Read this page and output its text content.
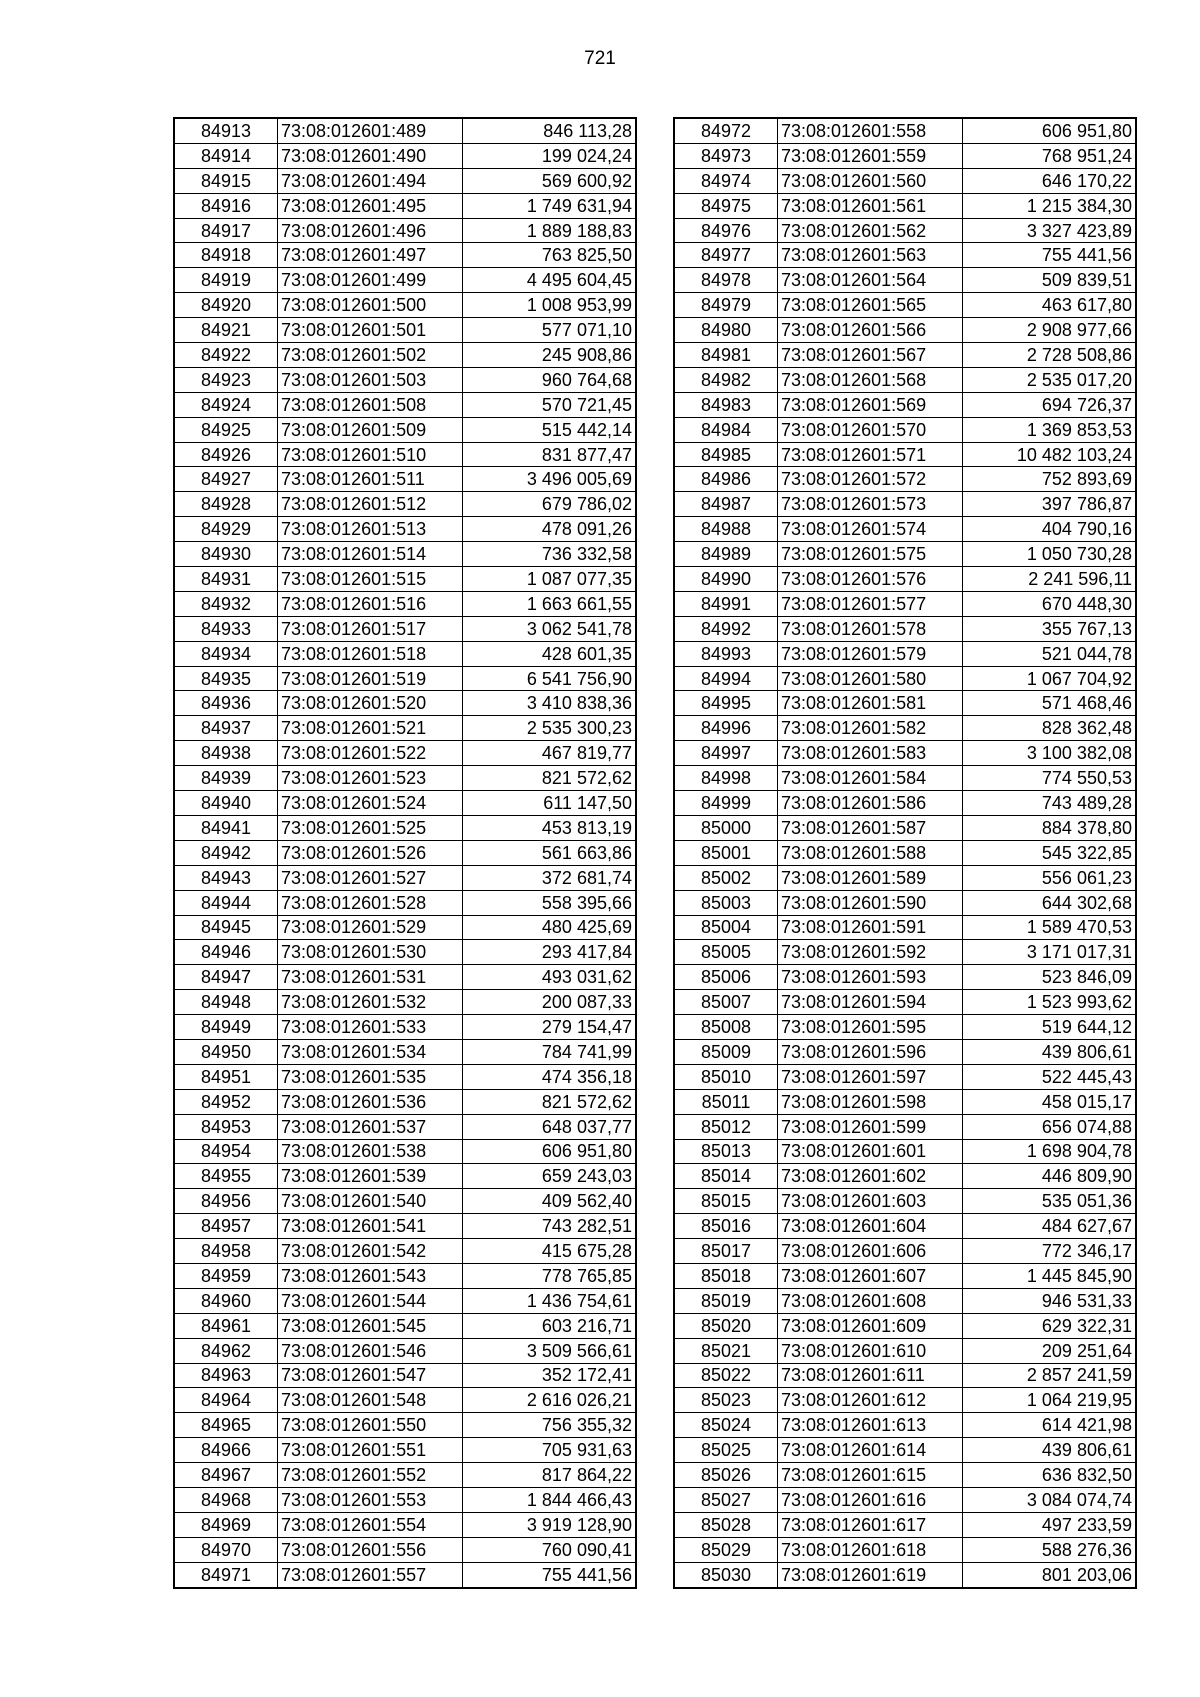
721
84913	73:08:012601:489	846 113,28
84914	73:08:012601:490	199 024,24
84915	73:08:012601:494	569 600,92
84916	73:08:012601:495	1 749 631,94
84917	73:08:012601:496	1 889 188,83
84918	73:08:012601:497	763 825,50
84919	73:08:012601:499	4 495 604,45
84920	73:08:012601:500	1 008 953,99
84921	73:08:012601:501	577 071,10
84922	73:08:012601:502	245 908,86
84923	73:08:012601:503	960 764,68
84924	73:08:012601:508	570 721,45
84925	73:08:012601:509	515 442,14
84926	73:08:012601:510	831 877,47
84927	73:08:012601:511	3 496 005,69
84928	73:08:012601:512	679 786,02
84929	73:08:012601:513	478 091,26
84930	73:08:012601:514	736 332,58
84931	73:08:012601:515	1 087 077,35
84932	73:08:012601:516	1 663 661,55
84933	73:08:012601:517	3 062 541,78
84934	73:08:012601:518	428 601,35
84935	73:08:012601:519	6 541 756,90
84936	73:08:012601:520	3 410 838,36
84937	73:08:012601:521	2 535 300,23
84938	73:08:012601:522	467 819,77
84939	73:08:012601:523	821 572,62
84940	73:08:012601:524	611 147,50
84941	73:08:012601:525	453 813,19
84942	73:08:012601:526	561 663,86
84943	73:08:012601:527	372 681,74
84944	73:08:012601:528	558 395,66
84945	73:08:012601:529	480 425,69
84946	73:08:012601:530	293 417,84
84947	73:08:012601:531	493 031,62
84948	73:08:012601:532	200 087,33
84949	73:08:012601:533	279 154,47
84950	73:08:012601:534	784 741,99
84951	73:08:012601:535	474 356,18
84952	73:08:012601:536	821 572,62
84953	73:08:012601:537	648 037,77
84954	73:08:012601:538	606 951,80
84955	73:08:012601:539	659 243,03
84956	73:08:012601:540	409 562,40
84957	73:08:012601:541	743 282,51
84958	73:08:012601:542	415 675,28
84959	73:08:012601:543	778 765,85
84960	73:08:012601:544	1 436 754,61
84961	73:08:012601:545	603 216,71
84962	73:08:012601:546	3 509 566,61
84963	73:08:012601:547	352 172,41
84964	73:08:012601:548	2 616 026,21
84965	73:08:012601:550	756 355,32
84966	73:08:012601:551	705 931,63
84967	73:08:012601:552	817 864,22
84968	73:08:012601:553	1 844 466,43
84969	73:08:012601:554	3 919 128,90
84970	73:08:012601:556	760 090,41
84971	73:08:012601:557	755 441,56
84972	73:08:012601:558	606 951,80
84973	73:08:012601:559	768 951,24
84974	73:08:012601:560	646 170,22
84975	73:08:012601:561	1 215 384,30
84976	73:08:012601:562	3 327 423,89
84977	73:08:012601:563	755 441,56
84978	73:08:012601:564	509 839,51
84979	73:08:012601:565	463 617,80
84980	73:08:012601:566	2 908 977,66
84981	73:08:012601:567	2 728 508,86
84982	73:08:012601:568	2 535 017,20
84983	73:08:012601:569	694 726,37
84984	73:08:012601:570	1 369 853,53
84985	73:08:012601:571	10 482 103,24
84986	73:08:012601:572	752 893,69
84987	73:08:012601:573	397 786,87
84988	73:08:012601:574	404 790,16
84989	73:08:012601:575	1 050 730,28
84990	73:08:012601:576	2 241 596,11
84991	73:08:012601:577	670 448,30
84992	73:08:012601:578	355 767,13
84993	73:08:012601:579	521 044,78
84994	73:08:012601:580	1 067 704,92
84995	73:08:012601:581	571 468,46
84996	73:08:012601:582	828 362,48
84997	73:08:012601:583	3 100 382,08
84998	73:08:012601:584	774 550,53
84999	73:08:012601:586	743 489,28
85000	73:08:012601:587	884 378,80
85001	73:08:012601:588	545 322,85
85002	73:08:012601:589	556 061,23
85003	73:08:012601:590	644 302,68
85004	73:08:012601:591	1 589 470,53
85005	73:08:012601:592	3 171 017,31
85006	73:08:012601:593	523 846,09
85007	73:08:012601:594	1 523 993,62
85008	73:08:012601:595	519 644,12
85009	73:08:012601:596	439 806,61
85010	73:08:012601:597	522 445,43
85011	73:08:012601:598	458 015,17
85012	73:08:012601:599	656 074,88
85013	73:08:012601:601	1 698 904,78
85014	73:08:012601:602	446 809,90
85015	73:08:012601:603	535 051,36
85016	73:08:012601:604	484 627,67
85017	73:08:012601:606	772 346,17
85018	73:08:012601:607	1 445 845,90
85019	73:08:012601:608	946 531,33
85020	73:08:012601:609	629 322,31
85021	73:08:012601:610	209 251,64
85022	73:08:012601:611	2 857 241,59
85023	73:08:012601:612	1 064 219,95
85024	73:08:012601:613	614 421,98
85025	73:08:012601:614	439 806,61
85026	73:08:012601:615	636 832,50
85027	73:08:012601:616	3 084 074,74
85028	73:08:012601:617	497 233,59
85029	73:08:012601:618	588 276,36
85030	73:08:012601:619	801 203,06
